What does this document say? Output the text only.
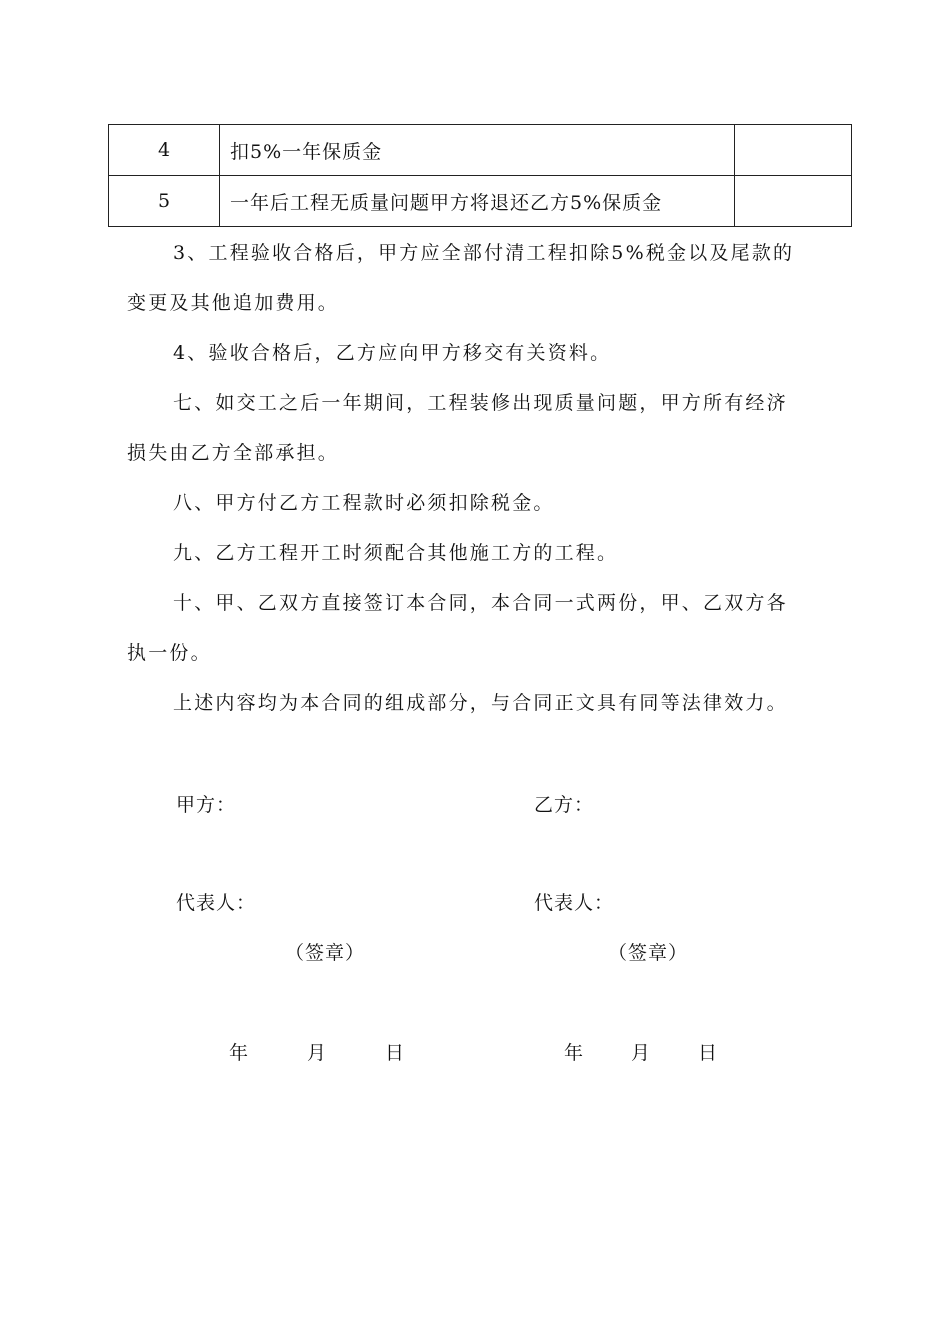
4	扣5%一年保质金	
5	一年后工程无质量问题甲方将退还乙方5%保质金	

3、工程验收合格后，甲方应全部付清工程扣除5%税金以及尾款的

变更及其他追加费用。

4、验收合格后，乙方应向甲方移交有关资料。

七、如交工之后一年期间，工程装修出现质量问题，甲方所有经济

损失由乙方全部承担。

八、甲方付乙方工程款时必须扣除税金。

九、乙方工程开工时须配合其他施工方的工程。

十、甲、乙双方直接签订本合同，本合同一式两份，甲、乙双方各

执一份。

上述内容均为本合同的组成部分，与合同正文具有同等法律效力。

甲方：	乙方：

代表人：	代表人：

（签章）	（签章）

年	月	日	年 月 日
